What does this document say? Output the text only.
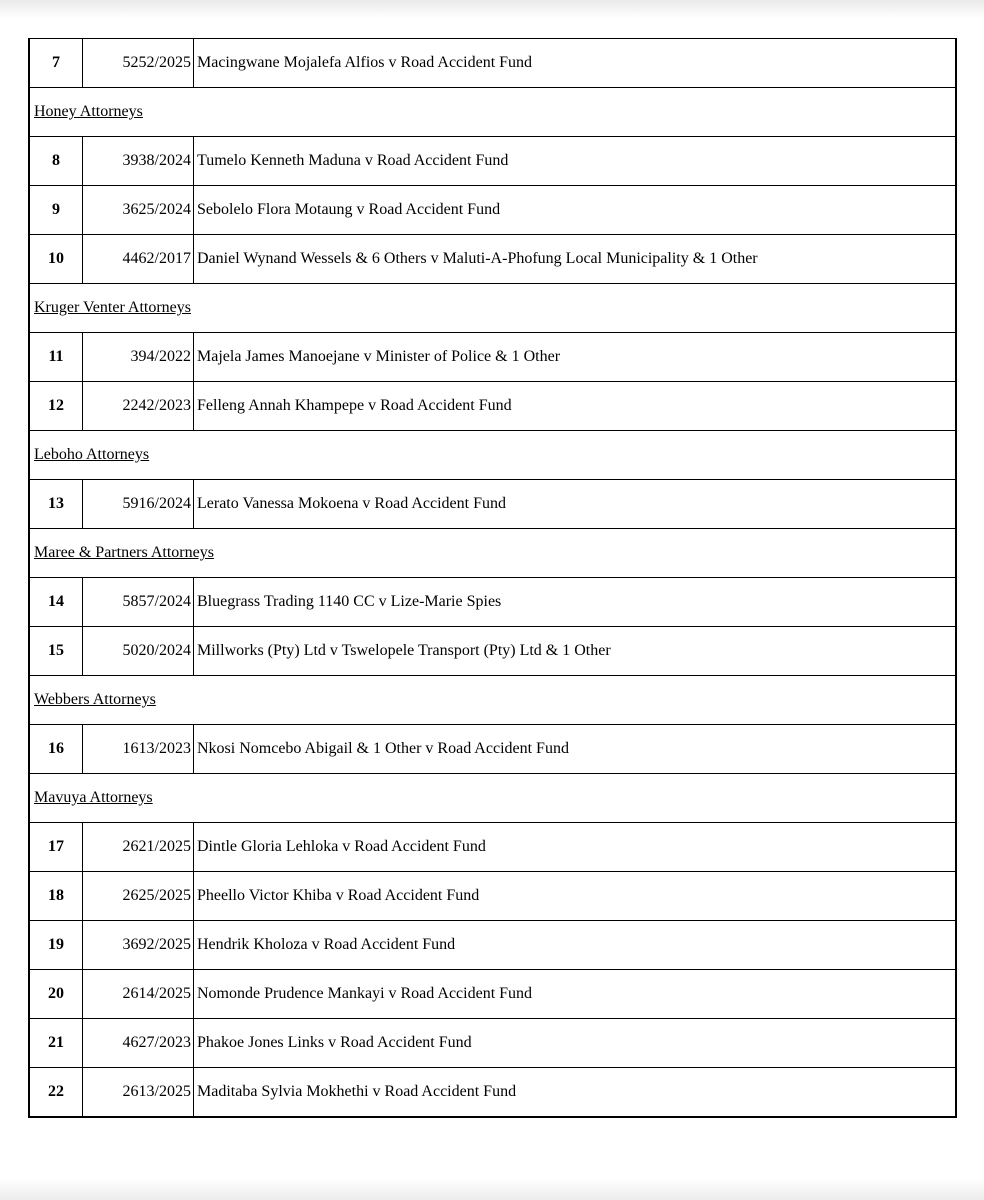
7	5252/2025	Macingwane Mojalefa Alfios v Road Accident Fund
Honey Attorneys		
8	3938/2024	Tumelo Kenneth Maduna v Road Accident Fund
9	3625/2024	Sebolelo Flora Motaung v Road Accident Fund
10	4462/2017	Daniel Wynand Wessels & 6 Others v Maluti-A-Phofung Local Municipality & 1 Other
Kruger Venter Attorneys		
11	394/2022	Majela James Manoejane v Minister of Police & 1 Other
12	2242/2023	Felleng Annah Khampepe v Road Accident Fund
Leboho Attorneys		
13	5916/2024	Lerato Vanessa Mokoena v Road Accident Fund
Maree & Partners Attorneys		
14	5857/2024	Bluegrass Trading 1140 CC v Lize-Marie Spies
15	5020/2024	Millworks (Pty) Ltd v Tswelopele Transport (Pty) Ltd & 1 Other
Webbers Attorneys		
16	1613/2023	Nkosi Nomcebo Abigail & 1 Other v Road Accident Fund
Mavuya Attorneys		
17	2621/2025	Dintle Gloria Lehloka v Road Accident Fund
18	2625/2025	Pheello Victor Khiba v Road Accident Fund
19	3692/2025	Hendrik Kholoza v Road Accident Fund
20	2614/2025	Nomonde Prudence Mankayi v Road Accident Fund
21	4627/2023	Phakoe Jones Links v Road Accident Fund
22	2613/2025	Maditaba Sylvia Mokhethi v Road Accident Fund
